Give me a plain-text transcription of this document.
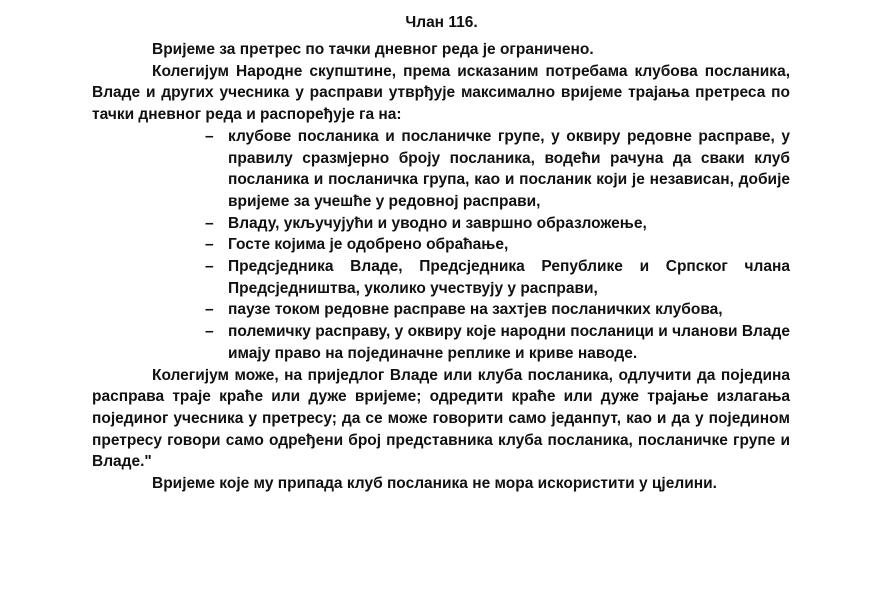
Члан 116.

Вријеме за претрес по тачки дневног реда је ограничено.

Колегијум Народне скупштине, према исказаним потребама клубова посланика, Владе и других учесника у расправи утврђује максимално вријеме трајања претреса по тачки дневног реда и распоређује га на:

– клубове посланика и посланичке групе, у оквиру редовне расправе, у правилу сразмјерно броју посланика, водећи рачуна да сваки клуб посланика и посланичка група, као и посланик који је независан, добије вријеме за учешће у редовној расправи,
– Владу, укључујући и уводно и завршно образложење,
– Госте којима је одобрено обраћање,
– Предсједника Владе, Предсједника Републике и Српског члана Предсједништва, уколико учествују у расправи,
– паузе током редовне расправе на захтјев посланичких клубова,
– полемичку расправу, у оквиру које народни посланици и чланови Владе имају право на појединачне реплике и криве наводе.

Колегијум може, на приједлог Владе или клуба посланика, одлучити да појединa расправа траје краће или дуже вријеме; одредити краће или дуже трајање излагања појединог учесника у претресу; да се може говорити само једанпут, као и да у појединoм претресу говори само одређени број представника клуба посланика, посланичке групе и Владе."

Вријеме које му припада клуб посланика не мора искористити у цјелини.
